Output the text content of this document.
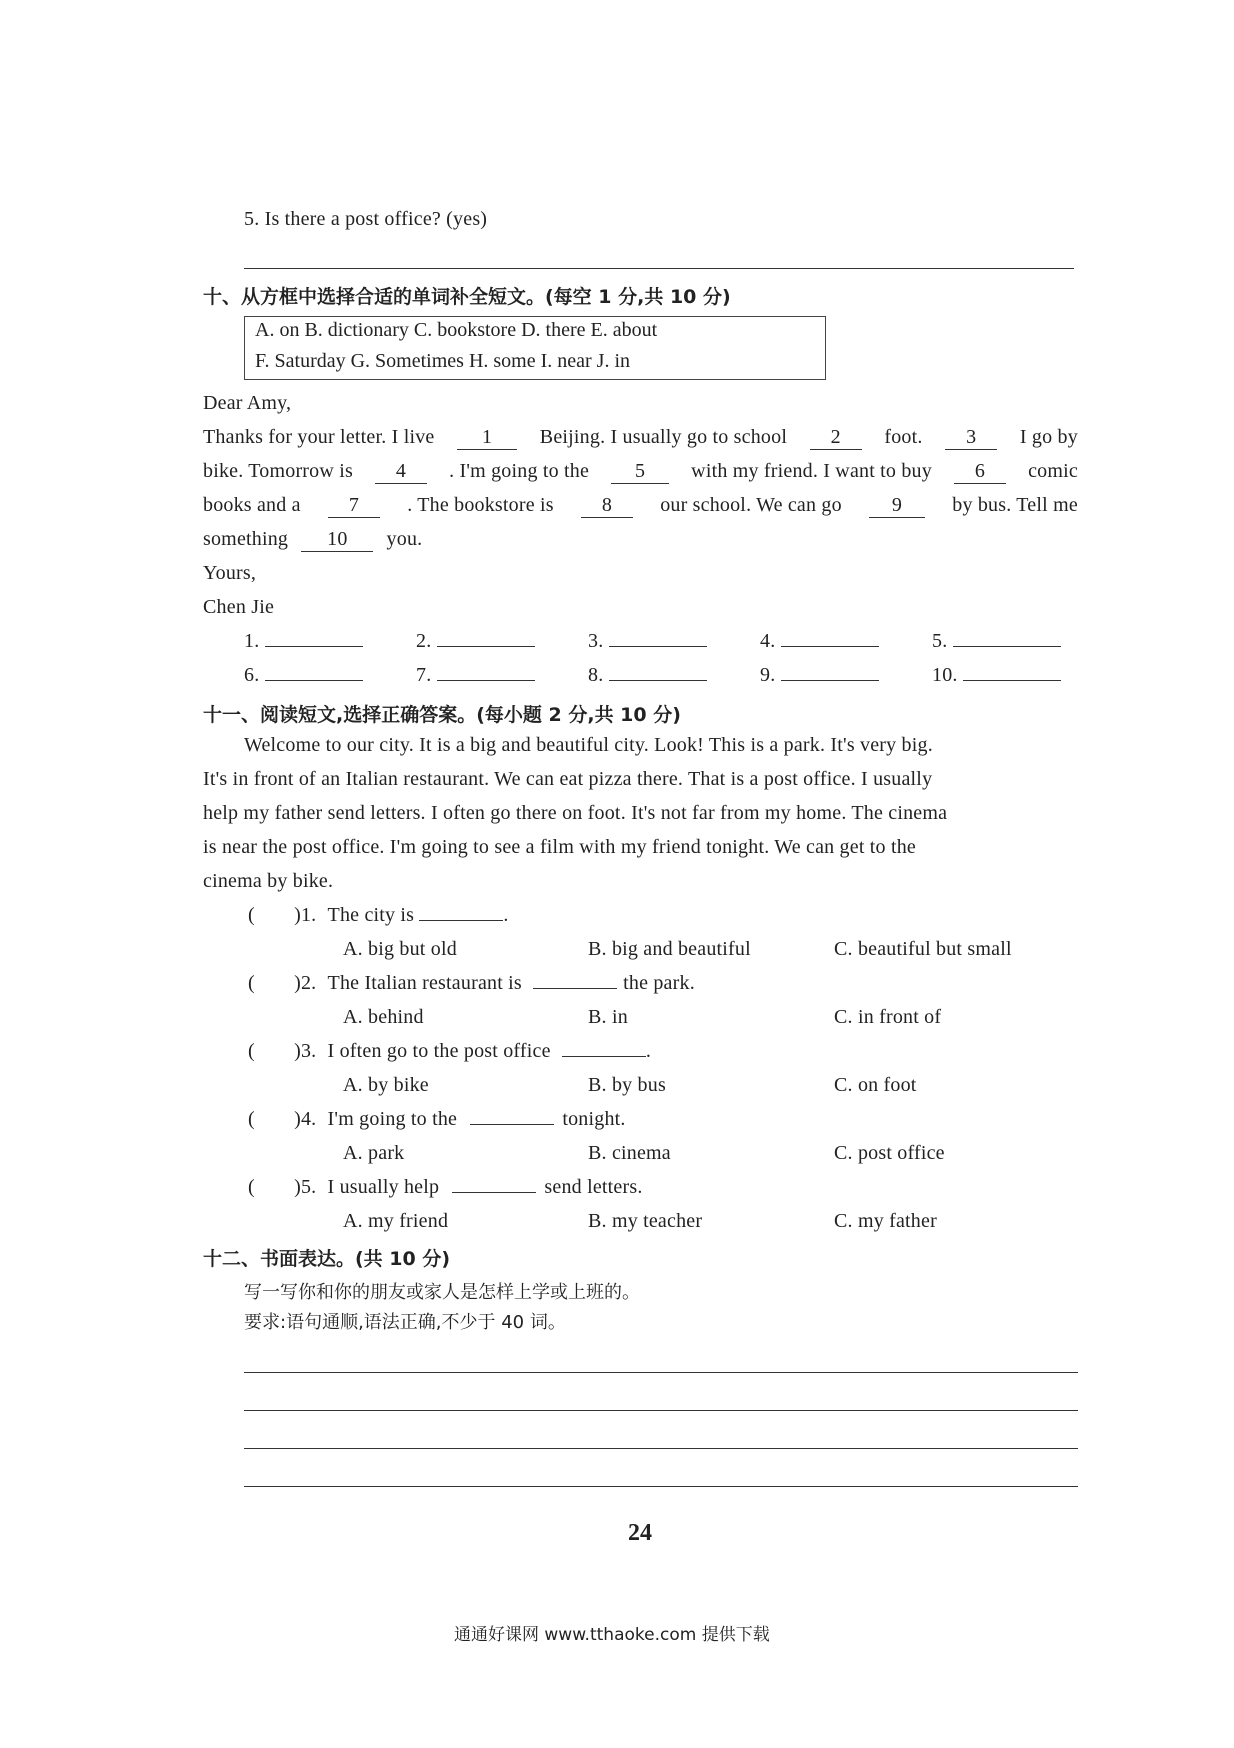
5. Is there a post office? (yes)
十、从方框中选择合适的单词补全短文。(每空 1 分,共 10 分)
A. on B. dictionary C. bookstore D. there E. about
F. Saturday G. Sometimes H. some I. near J. in
Dear Amy,
Thanks for your letter. I live	1	Beijing. I usually go to school	2	foot.	3	I go by
bike. Tomorrow is	4	. I'm going to the	5	with my friend. I want to buy	6	comic
books and a	7	. The bookstore is	8	our school. We can go	9	by bus. Tell me
something 10 you.
Yours,
Chen Jie
1.	2.	3.	4.	5.
6.	7.	8.	9.	10.
十一、阅读短文,选择正确答案。(每小题 2 分,共 10 分)
Welcome to our city. It is a big and beautiful city. Look! This is a park. It's very big.
It's in front of an Italian restaurant. We can eat pizza there. That is a post office. I usually
help my father send letters. I often go there on foot. It's not far from my home. The cinema
is near the post office. I'm going to see a film with my friend tonight. We can get to the
cinema by bike.
( )1. The city is	.
A. big but old	B. big and beautiful	C. beautiful but small
( )2. The Italian restaurant is	the park.
A. behind	B. in	C. in front of
( )3. I often go to the post office	.
A. by bike	B. by bus	C. on foot
( )4. I'm going to the	tonight.
A. park	B. cinema	C. post office
( )5. I usually help	send letters.
A. my friend	B. my teacher	C. my father
十二、书面表达。(共 10 分)
写一写你和你的朋友或家人是怎样上学或上班的。
要求:语句通顺,语法正确,不少于 40 词。
24
通通好课网 www.tthaoke.com 提供下载
